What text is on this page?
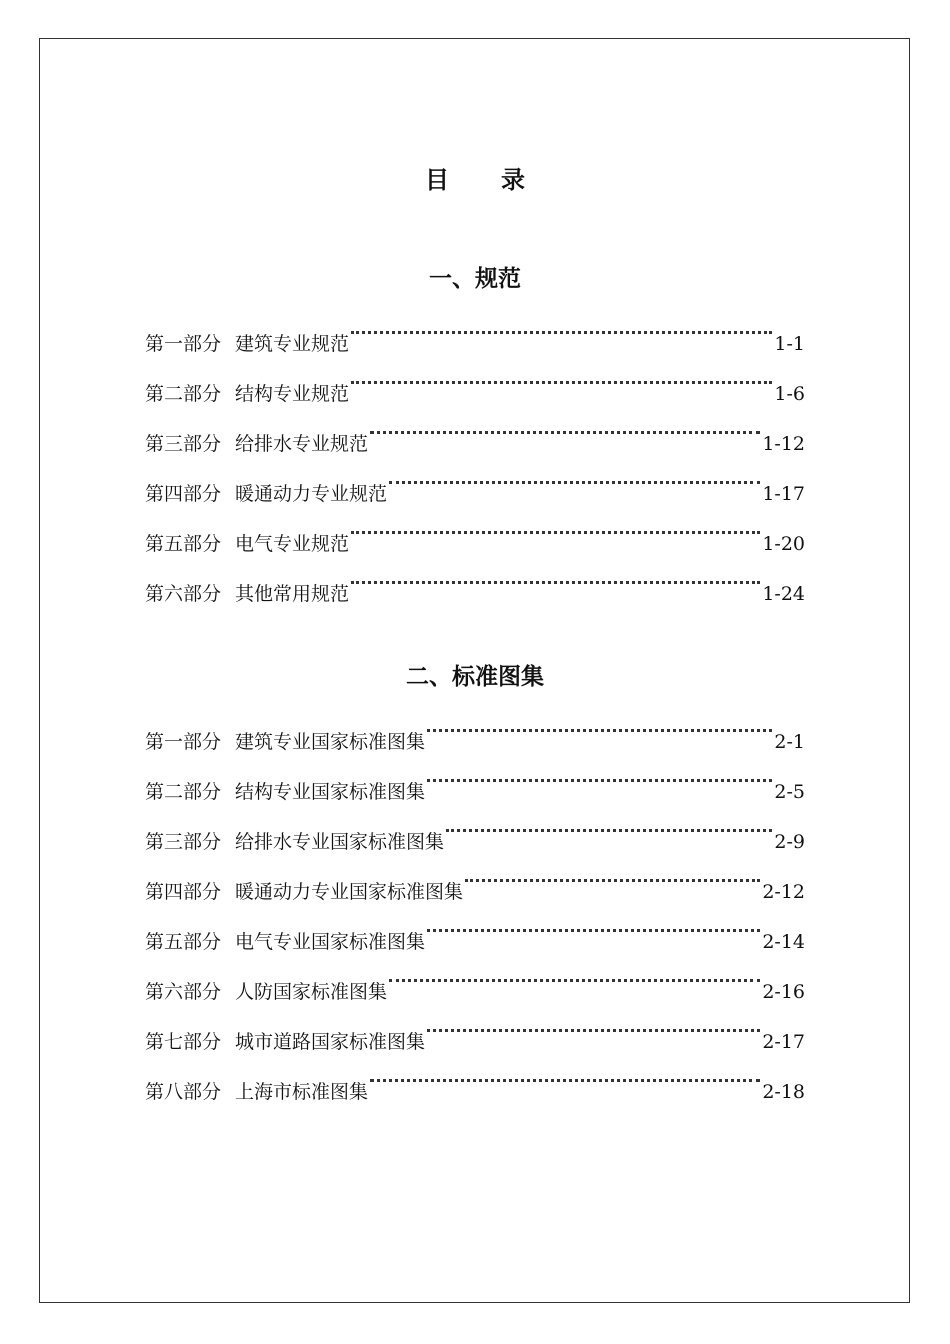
目录
一、规范
第一部分 建筑专业规范	1-1
第二部分 结构专业规范	1-6
第三部分 给排水专业规范	1-12
第四部分 暖通动力专业规范	1-17
第五部分 电气专业规范	1-20
第六部分 其他常用规范	1-24
二、标准图集
第一部分 建筑专业国家标准图集	2-1
第二部分 结构专业国家标准图集	2-5
第三部分 给排水专业国家标准图集	2-9
第四部分 暖通动力专业国家标准图集	2-12
第五部分 电气专业国家标准图集	2-14
第六部分 人防国家标准图集	2-16
第七部分 城市道路国家标准图集	2-17
第八部分 上海市标准图集	2-18
